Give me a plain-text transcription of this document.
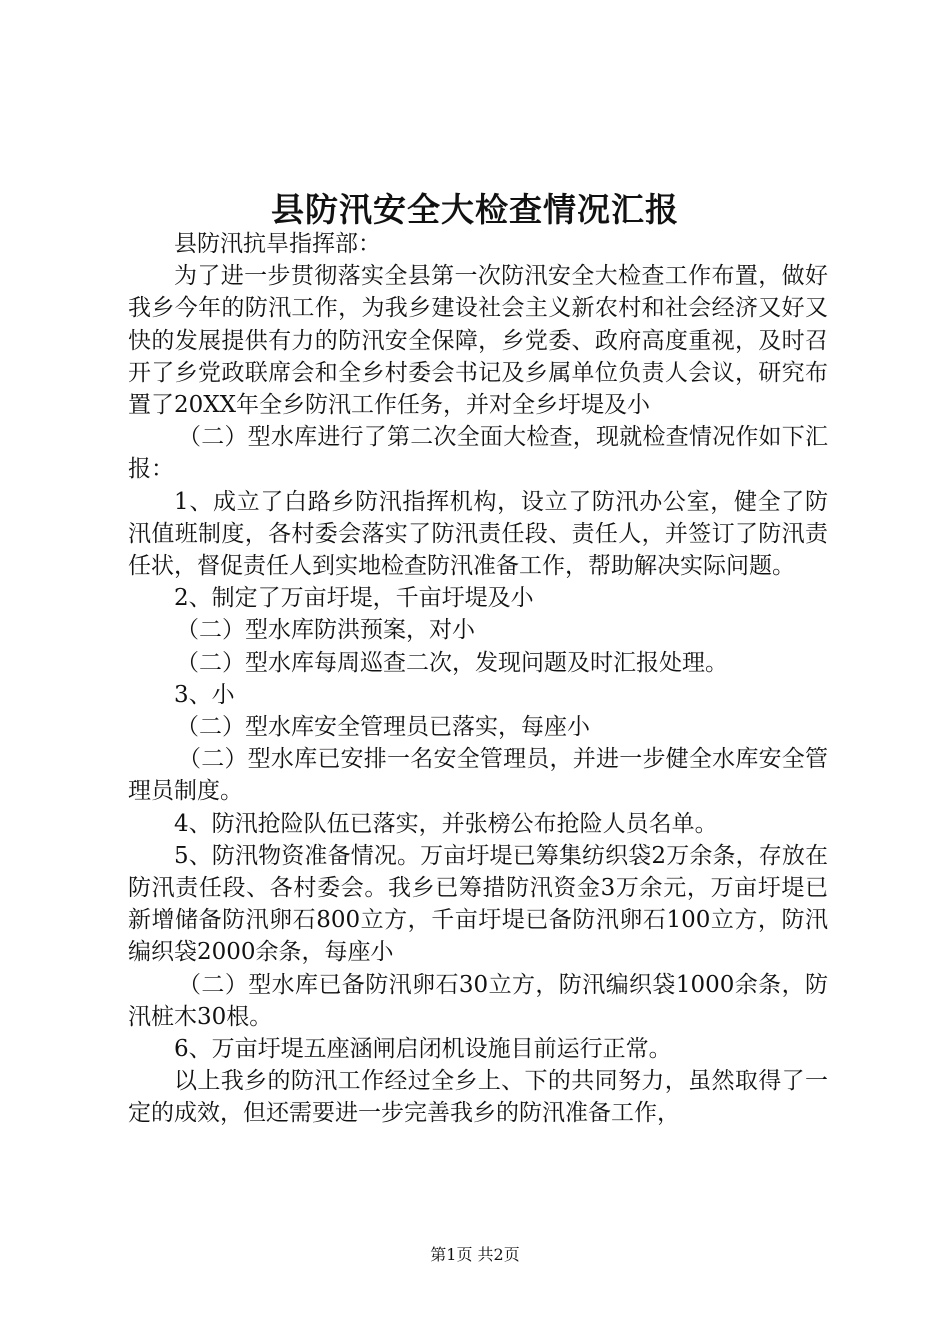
县防汛安全大检查情况汇报

县防汛抗旱指挥部：

为了进一步贯彻落实全县第一次防汛安全大检查工作布置，做好我乡今年的防汛工作，为我乡建设社会主义新农村和社会经济又好又快的发展提供有力的防汛安全保障，乡党委、政府高度重视，及时召开了乡党政联席会和全乡村委会书记及乡属单位负责人会议，研究布置了20XX年全乡防汛工作任务，并对全乡圩堤及小

（二）型水库进行了第二次全面大检查，现就检查情况作如下汇报：

1、成立了白路乡防汛指挥机构，设立了防汛办公室，健全了防汛值班制度，各村委会落实了防汛责任段、责任人，并签订了防汛责任状，督促责任人到实地检查防汛准备工作，帮助解决实际问题。

2、制定了万亩圩堤，千亩圩堤及小

（二）型水库防洪预案，对小

（二）型水库每周巡查二次，发现问题及时汇报处理。

3、小

（二）型水库安全管理员已落实，每座小

（二）型水库已安排一名安全管理员，并进一步健全水库安全管理员制度。

4、防汛抢险队伍已落实，并张榜公布抢险人员名单。

5、防汛物资准备情况。万亩圩堤已筹集纺织袋2万余条，存放在防汛责任段、各村委会。我乡已筹措防汛资金3万余元，万亩圩堤已新增储备防汛卵石800立方，千亩圩堤已备防汛卵石100立方，防汛编织袋2000余条，每座小

（二）型水库已备防汛卵石30立方，防汛编织袋1000余条，防汛桩木30根。

6、万亩圩堤五座涵闸启闭机设施目前运行正常。

以上我乡的防汛工作经过全乡上、下的共同努力，虽然取得了一定的成效，但还需要进一步完善我乡的防汛准备工作，

第1页 共2页
